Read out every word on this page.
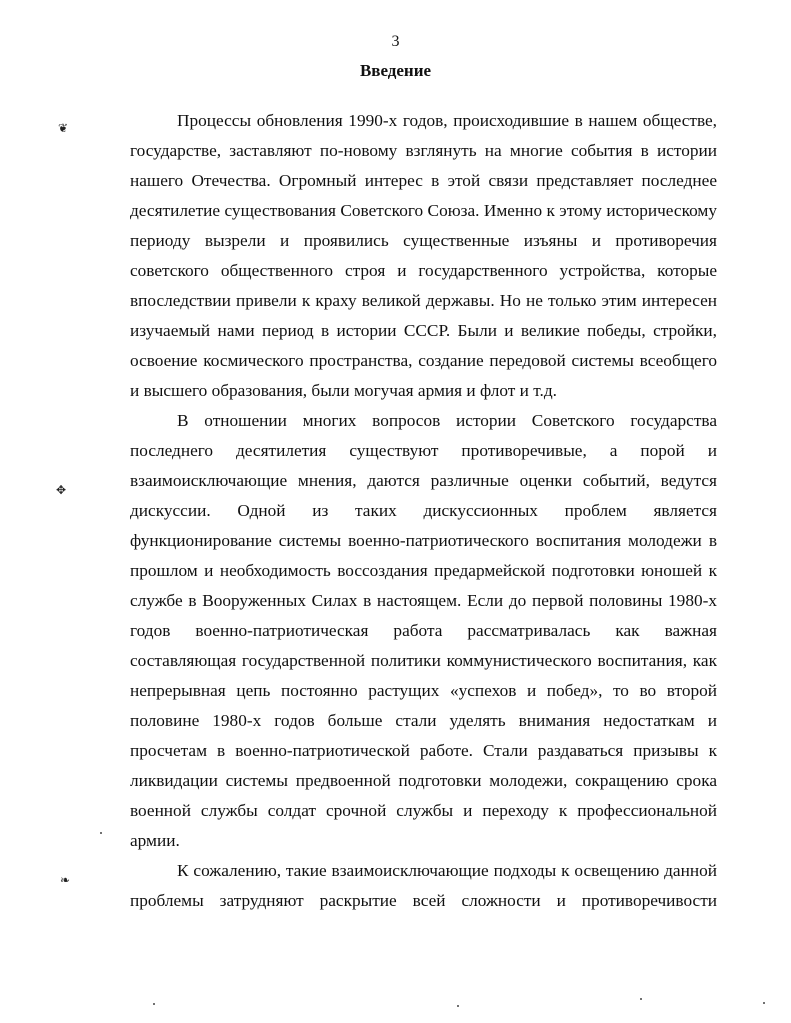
3
Введение

Процессы обновления 1990-х годов, происходившие в нашем обществе, государстве, заставляют по-новому взглянуть на многие события в истории нашего Отечества. Огромный интерес в этой связи представляет последнее десятилетие существования Советского Союза. Именно к этому историческому периоду вызрели и проявились существенные изъяны и противоречия советского общественного строя и государственного устройства, которые впоследствии привели к краху великой державы. Но не только этим интересен изучаемый нами период в истории СССР. Были и великие победы, стройки, освоение космического пространства, создание передовой системы всеобщего и высшего образования, были могучая армия и флот и т.д.

В отношении многих вопросов истории Советского государства последнего десятилетия существуют противоречивые, а порой и взаимоисключающие мнения, даются различные оценки событий, ведутся дискуссии. Одной из таких дискуссионных проблем является функционирование системы военно-патриотического воспитания молодежи в прошлом и необходимость воссоздания предармейской подготовки юношей к службе в Вооруженных Силах в настоящем. Если до первой половины 1980-х годов военно-патриотическая работа рассматривалась как важная составляющая государственной политики коммунистического воспитания, как непрерывная цепь постоянно растущих «успехов и побед», то во второй половине 1980-х годов больше стали уделять внимания недостаткам и просчетам в военно-патриотической работе. Стали раздаваться призывы к ликвидации системы предвоенной подготовки молодежи, сокращению срока военной службы солдат срочной службы и переходу к профессиональной армии.

К сожалению, такие взаимоисключающие подходы к освещению данной проблемы затрудняют раскрытие всей сложности и противоречивости

❦
✥
❧
